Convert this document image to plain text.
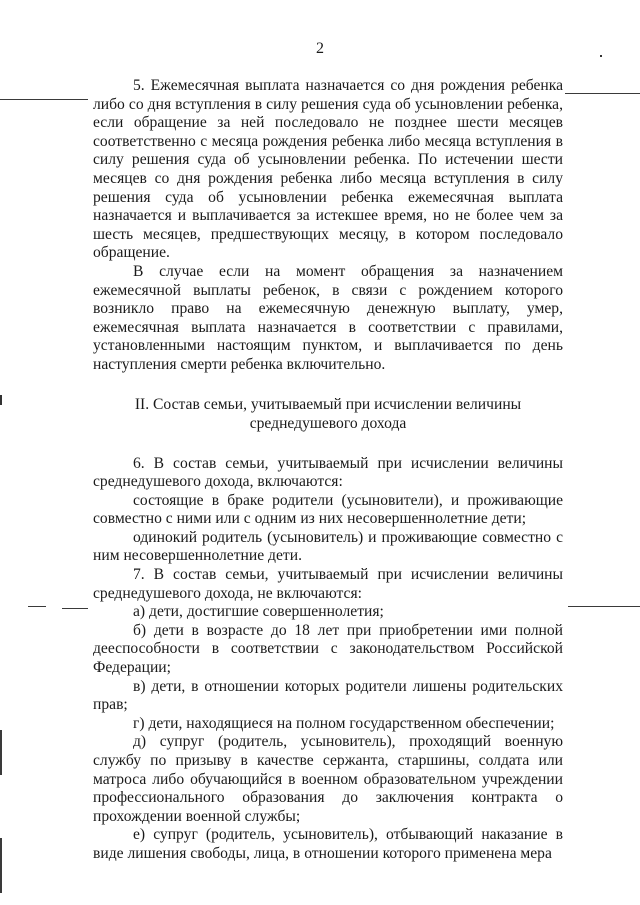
2

5. Ежемесячная выплата назначается со дня рождения ребенка либо со дня вступления в силу решения суда об усыновлении ребенка, если обращение за ней последовало не позднее шести месяцев соответственно с месяца рождения ребенка либо месяца вступления в силу решения суда об усыновлении ребенка. По истечении шести месяцев со дня рождения ребенка либо месяца вступления в силу решения суда об усыновлении ребенка ежемесячная выплата назначается и выплачивается за истекшее время, но не более чем за шесть месяцев, предшествующих месяцу, в котором последовало обращение.

В случае если на момент обращения за назначением ежемесячной выплаты ребенок, в связи с рождением которого возникло право на ежемесячную денежную выплату, умер, ежемесячная выплата назначается в соответствии с правилами, установленными настоящим пунктом, и выплачивается по день наступления смерти ребенка включительно.

II. Состав семьи, учитываемый при исчислении величины

среднедушевого дохода

6. В состав семьи, учитываемый при исчислении величины среднедушевого дохода, включаются:

состоящие в браке родители (усыновители), и проживающие совместно с ними или с одним из них несовершеннолетние дети;

одинокий родитель (усыновитель) и проживающие совместно с ним несовершеннолетние дети.

7. В состав семьи, учитываемый при исчислении величины среднедушевого дохода, не включаются:

а) дети, достигшие совершеннолетия;

б) дети в возрасте до 18 лет при приобретении ими полной дееспособности в соответствии с законодательством Российской Федерации;

в) дети, в отношении которых родители лишены родительских прав;

г) дети, находящиеся на полном государственном обеспечении;

д) супруг (родитель, усыновитель), проходящий военную службу по призыву в качестве сержанта, старшины, солдата или матроса либо обучающийся в военном образовательном учреждении профессионального образования до заключения контракта о прохождении военной службы;

е) супруг (родитель, усыновитель), отбывающий наказание в виде лишения свободы, лица, в отношении которого применена мера
